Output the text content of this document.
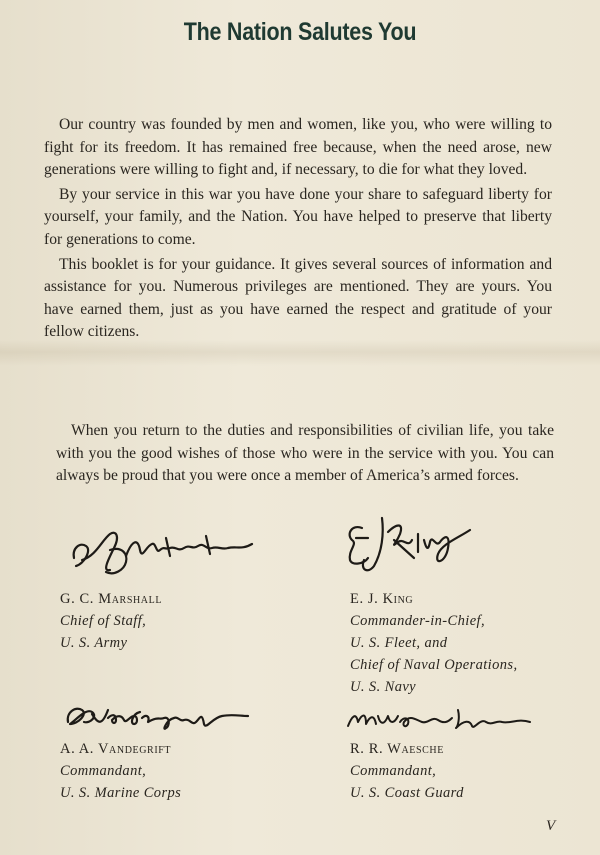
The Nation Salutes You

Our country was founded by men and women, like you, who were willing to fight for its freedom. It has remained free because, when the need arose, new generations were willing to fight and, if necessary, to die for what they loved.

By your service in this war you have done your share to safeguard liberty for yourself, your family, and the Nation. You have helped to preserve that liberty for generations to come.

This booklet is for your guidance. It gives several sources of information and assistance for you. Numerous privileges are mentioned. They are yours. You have earned them, just as you have earned the respect and gratitude of your fellow citizens.

When you return to the duties and responsibilities of civilian life, you take with you the good wishes of those who were in the service with you. You can always be proud that you were once a member of America’s armed forces.

G. C. Marshall
Chief of Staff,
U. S. Army
E. J. King
Commander-in-Chief,
U. S. Fleet, and
Chief of Naval Operations,
U. S. Navy
A. A. Vandegrift
Commandant,
U. S. Marine Corps
R. R. Waesche
Commandant,
U. S. Coast Guard
V
